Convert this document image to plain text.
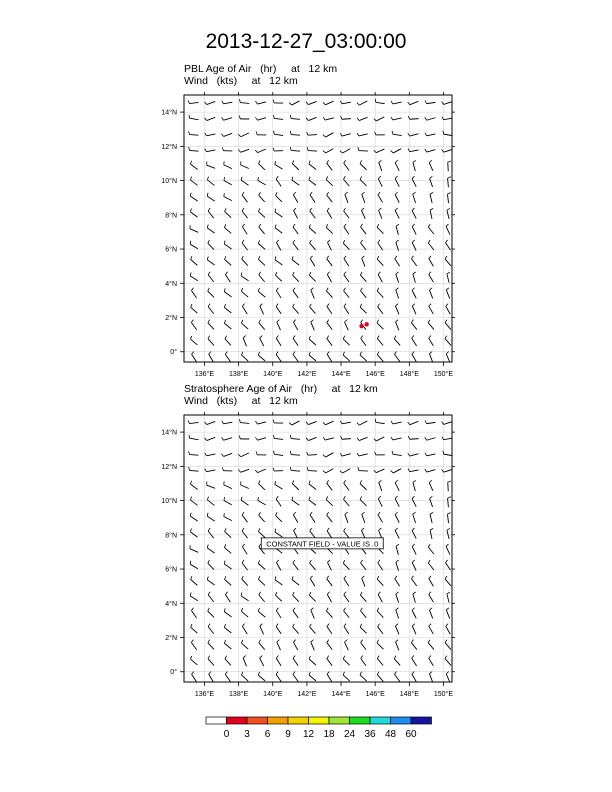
2013-12-27_03:00:00
PBL Age of Air   (hr)     at   12 km
Wind   (kts)     at   12 km
136°E 138°E 140°E 142°E 144°E 146°E 148°E 150°E
0°
2°N
4°N
6°N
8°N
10°N
12°N
14°N
Stratosphere Age of Air   (hr)     at   12 km
Wind   (kts)     at   12 km
136°E 138°E 140°E 142°E 144°E 146°E 148°E 150°E
0°
2°N
4°N
6°N
8°N
10°N
12°N
14°N
CONSTANT FIELD - VALUE IS .0
0 3 6 9 12 18 24 36 48 60
